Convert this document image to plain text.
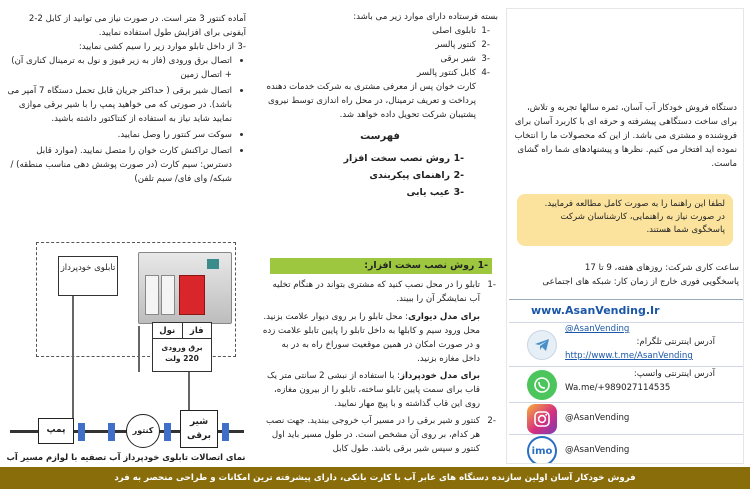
آماده کنتور 3 متر است. در صورت نیاز می توانید از کابل 2-2 آیفونی برای افزایش طول استفاده نمایید.

-3

از داخل تابلو موارد زیر را سیم کشی نمایید:

اتصال برق ورودی (فاز به زیر فیوز و نول به ترمینال کناری آن) + اتصال زمین
اتصال شیر برقی ( حداکثر جریان قابل تحمل دستگاه 7 آمپر می باشد). در صورتی که می خواهید پمپ را با شیر برقی موازی نمایید شاید نیاز به استفاده از کنتاکتور داشته باشید.
سوکت سر کنتور را وصل نمایید.
اتصال تراکنش کارت خوان را متصل نمایید. (موارد قابل دسترس: سیم کارت (در صورت پوشش دهی مناسب منطقه) / شبکه/ وای فای/ سیم تلفن)
تابلوی خودپرداز
فاز
نول
برق ورودی
220 ولت
پمپ	کنتور
شیر برقی
نمای اتصالات تابلوی خودپرداز آب تصفیه با لوازم مسیر آب

بسته فرستاده دارای موارد زیر می باشد:

-1
تابلوی اصلی
-2
کنتور پالسر
-3
شیر برقی
-4
کابل کنتور پالسر

کارت خوان پس از معرفی مشتری به شرکت خدمات دهنده پرداخت و تعریف ترمینال، در محل راه اندازی توسط نیروی پشتیبان شرکت تحویل داده خواهد شد.

فهرست
-1
روش نصب سخت افزار
-2
راهنمای پیکربندی
-3
عیب یابی
-1 روش نصب سخت افزار:
-1

تابلو را در محل نصب کنید که مشتری بتواند در هنگام تخلیه آب نمایشگر آن را ببیند.

برای مدل دیواری: محل تابلو را بر روی دیوار علامت بزنید. محل ورود سیم و کابلها به داخل تابلو را پایین تابلو علامت زده و در صورت امکان در همین موقعیت سوراخ راه به در به داخل مغازه بزنید.

برای مدل خودپرداز: با استفاده از نبشی 2 سانتی متر یک قاب برای سمت پایین تابلو ساخته، تابلو را از بیرون مغازه، روی این قاب گذاشته و با پیچ مهار نمایید.

-2

کنتور و شیر برقی را در مسیر آب خروجی ببندید. جهت نصب هر کدام، بر روی آن مشخص است. در طول مسیر باید اول کنتور و سپس شیر برقی باشد. طول کابل

دستگاه فروش خودکار آب آسان، ثمره سالها تجربه و تلاش، برای ساخت دستگاهی پیشرفته و حرفه ای با کاربرد آسان برای فروشنده و مشتری می باشد. از این که محصولات ما را انتخاب نموده اید افتخار می کنیم. نظرها و پیشنهادهای شما راه گشای ماست.

لطفا این راهنما را به صورت کامل مطالعه فرمایید.

در صورت نیاز به راهنمایی، کارشناسان شرکت پاسخگوی شما هستند.

ساعت کاری شرکت: روزهای هفته، 9 تا 17

پاسخگویی فوری خارج از زمان کار: شبکه های اجتماعی

www.AsanVending.Ir
@AsanVending
آدرس اینترنتی تلگرام:
http://www.t.me/AsanVending
آدرس اینترنتی واتسپ:
Wa.me/+989027114535
@AsanVending
imo	@AsanVending
فروش خودکار آسان اولین سازنده دستگاه های عابر آب با کارت بانکی، دارای پیشرفته ترین امکانات و طراحی منحصر به فرد
